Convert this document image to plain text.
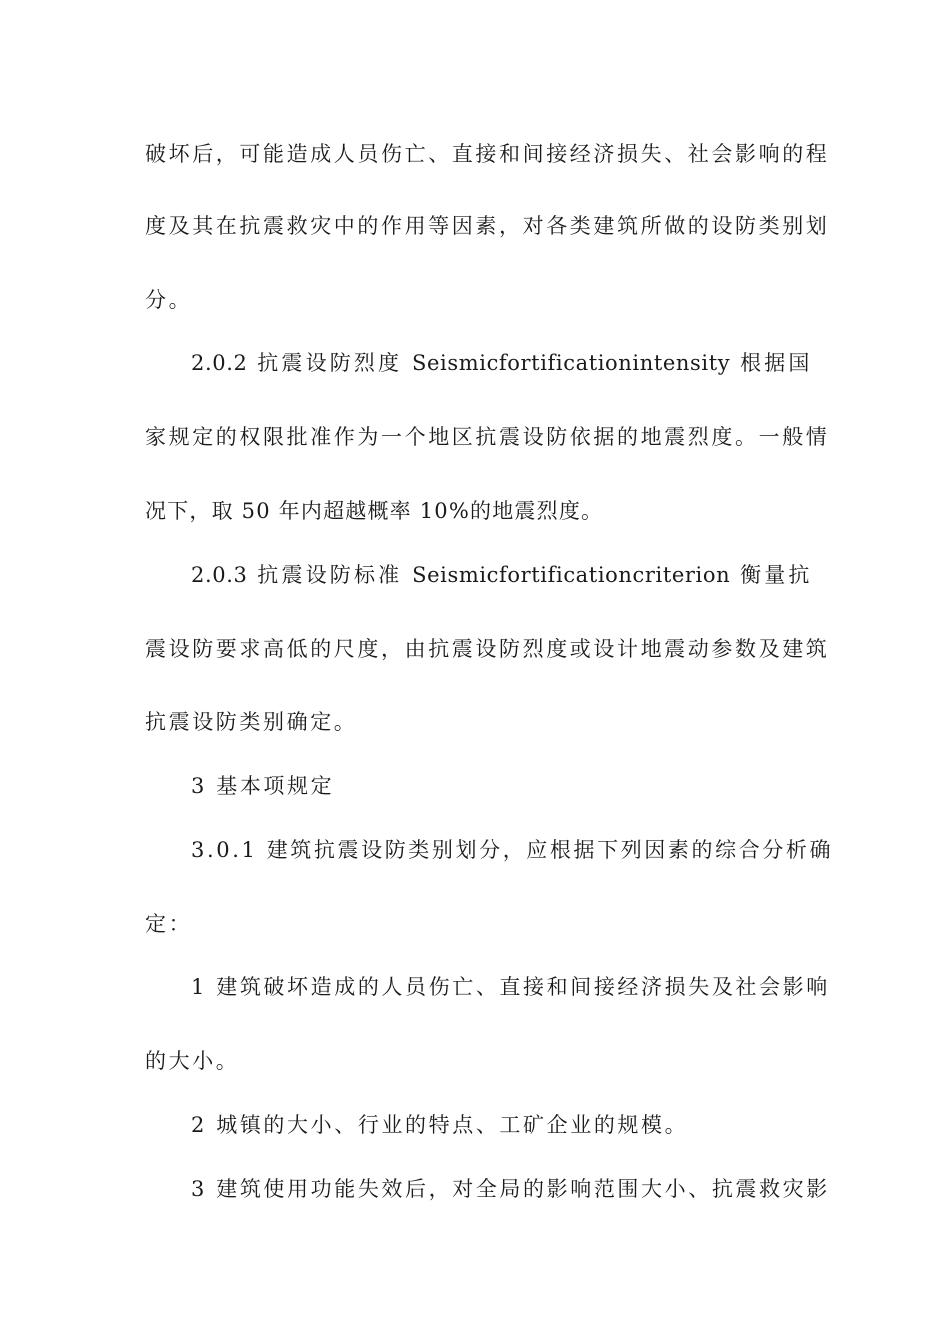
破坏后，可能造成人员伤亡、直接和间接经济损失、社会影响的程
度及其在抗震救灾中的作用等因素，对各类建筑所做的设防类别划
分。
2.0.2 抗震设防烈度 Seismicfortificationintensity 根据国
家规定的权限批准作为一个地区抗震设防依据的地震烈度。一般情
况下，取 50 年内超越概率 10%的地震烈度。
2.0.3 抗震设防标准 Seismicfortificationcriterion 衡量抗
震设防要求高低的尺度，由抗震设防烈度或设计地震动参数及建筑
抗震设防类别确定。
3 基本项规定
3.0.1 建筑抗震设防类别划分，应根据下列因素的综合分析确
定：
1 建筑破坏造成的人员伤亡、直接和间接经济损失及社会影响
的大小。
2 城镇的大小、行业的特点、工矿企业的规模。
3 建筑使用功能失效后，对全局的影响范围大小、抗震救灾影
